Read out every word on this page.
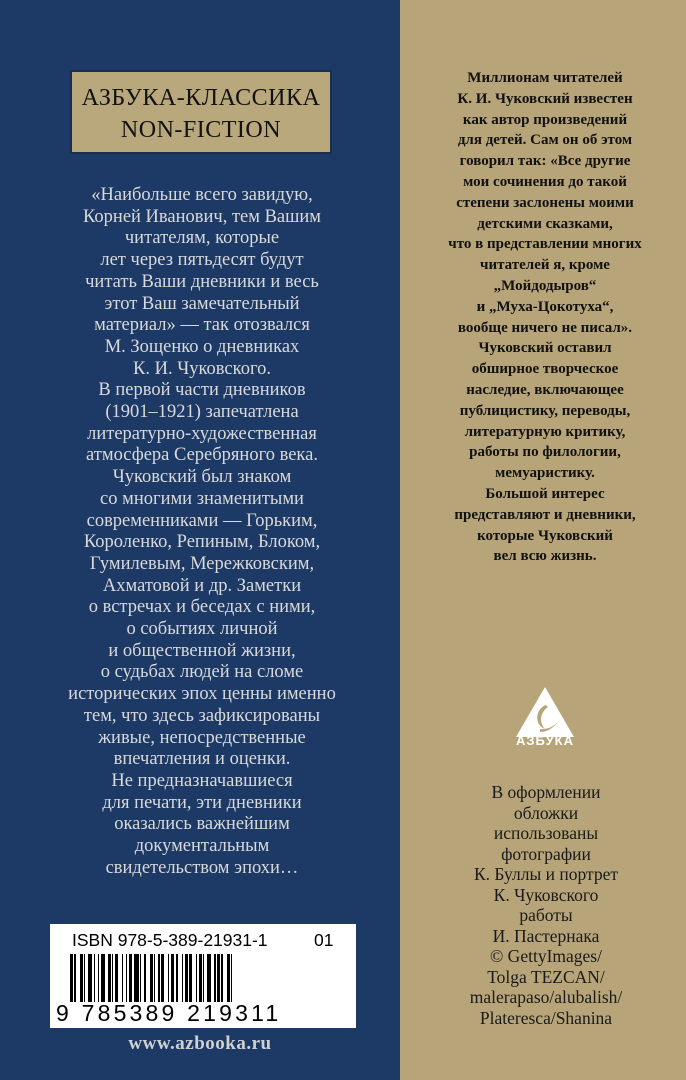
АЗБУКА-КЛАССИКА
NON-FICTION
«Наибольше всего завидую,
Корней Иванович, тем Вашим
читателям, которые
лет через пятьдесят будут
читать Ваши дневники и весь
этот Ваш замечательный
материал» — так отозвался
М. Зощенко о дневниках
К. И. Чуковского.
В первой части дневников
(1901–1921) запечатлена
литературно-художественная
атмосфера Серебряного века.
Чуковский был знаком
со многими знаменитыми
современниками — Горьким,
Короленко, Репиным, Блоком,
Гумилевым, Мережковским,
Ахматовой и др. Заметки
о встречах и беседах с ними,
о событиях личной
и общественной жизни,
о судьбах людей на сломе
исторических эпох ценны именно
тем, что здесь зафиксированы
живые, непосредственные
впечатления и оценки.
Не предназначавшиеся
для печати, эти дневники
оказались важнейшим
документальным
свидетельством эпохи…
Миллионам читателей
К. И. Чуковский известен
как автор произведений
для детей. Сам он об этом
говорил так: «Все другие
мои сочинения до такой
степени заслонены моими
детскими сказками,
что в представлении многих
читателей я, кроме
„Мойдодыров“
и „Муха-Цокотуха“,
вообще ничего не писал».
Чуковский оставил
обширное творческое
наследие, включающее
публицистику, переводы,
литературную критику,
работы по филологии,
мемуаристику.
Большой интерес
представляют и дневники,
которые Чуковский
вел всю жизнь.
АЗБУКА
В оформлении
обложки
использованы
фотографии
К. Буллы и портрет
К. Чуковского
работы
И. Пастернака
© GettyImages/
Tolga TEZCAN/
malerapaso/alubalish/
Plateresca/Shanina
ISBN 978-5-389-21931-1	01
9 785389 219311
www.azbooka.ru
